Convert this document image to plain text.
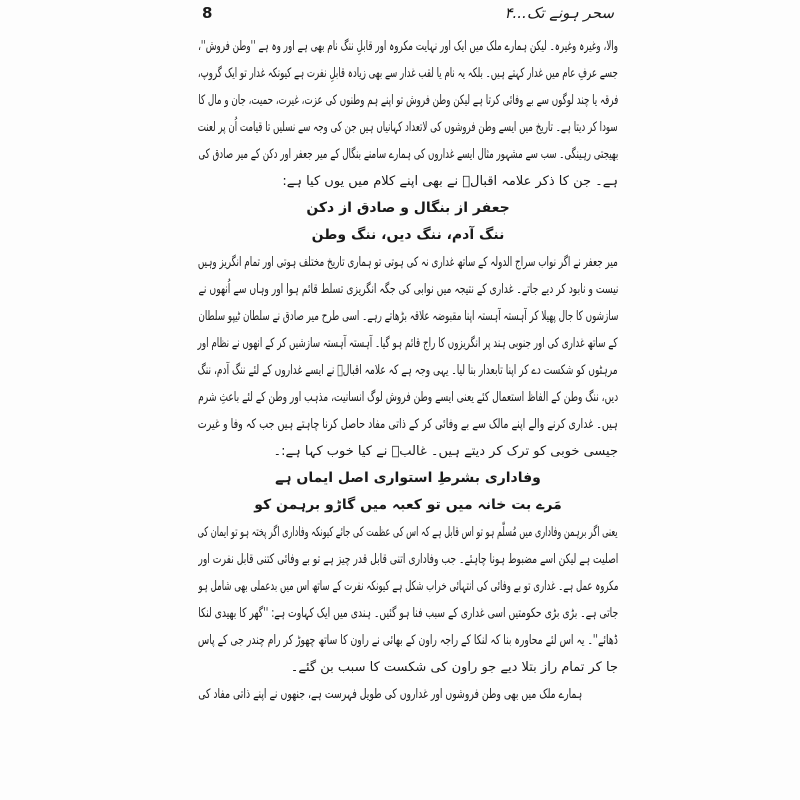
سحر ہونے تک...۴
8
والا، وغیرہ وغیرہ۔ لیکن ہمارے ملک میں ایک اور نہایت مکروہ اور قابلِ ننگ نام بھی ہے اور وہ ہے ''وطن فروش''،
جسے عرفِ عام میں غدار کہتے ہیں۔ بلکہ یہ نام یا لقب غدار سے بھی زیادہ قابلِ نفرت ہے کیونکہ غدار تو ایک گروپ،
فرقہ یا چند لوگوں سے بے وفائی کرتا ہے لیکن وطن فروش تو اپنے ہم وطنوں کی عزت، غیرت، حمیت، جان و مال کا
سودا کر دیتا ہے۔ تاریخ میں ایسے وطن فروشوں کی لاتعداد کہانیاں ہیں جن کی وجہ سے نسلیں تا قیامت اُن پر لعنت
بھیجتی رہینگی۔ سب سے مشہور مثال ایسے غداروں کی ہمارے سامنے بنگال کے میر جعفر اور دکن کے میر صادق کی
ہے۔ جن کا ذکر علامہ اقبالؒ نے بھی اپنے کلام میں یوں کیا ہے:
جعفر از بنگال و صادق از دکن
ننگ آدم، ننگ دیں، ننگ وطن
میر جعفر نے اگر نواب سراج الدولہ کے ساتھ غداری نہ کی ہوتی تو ہماری تاریخ مختلف ہوتی اور تمام انگریز وہیں
نیست و نابود کر دیے جاتے۔ غداری کے نتیجہ میں نوابی کی جگہ انگریزی تسلط قائم ہوا اور وہاں سے اُنھوں نے
سازشوں کا جال پھیلا کر آہستہ آہستہ اپنا مقبوضہ علاقہ بڑھاتے رہے۔ اسی طرح میر صادق نے سلطان ٹیپو سلطان
کے ساتھ غداری کی اور جنوبی ہند پر انگریزوں کا راج قائم ہو گیا۔ آہستہ آہستہ سازشیں کر کے انھوں نے نظام اور
مرہٹوں کو شکست دے کر اپنا تابعدار بنا لیا۔ یہی وجہ ہے کہ علامہ اقبالؒ نے ایسے غداروں کے لئے ننگ آدم، ننگ
دیں، ننگ وطن کے الفاظ استعمال کئے یعنی ایسے وطن فروش لوگ انسانیت، مذہب اور وطن کے لئے باعثِ شرم
ہیں۔ غداری کرنے والے اپنے مالک سے بے وفائی کر کے ذاتی مفاد حاصل کرنا چاہتے ہیں جب کہ وفا و غیرت
جیسی خوبی کو ترک کر دیتے ہیں۔ غالبؔ نے کیا خوب کہا ہے:۔
وفاداری بشرطِ استواری اصل ایماں ہے
مَرے بت خانہ میں تو کعبہ میں گاڑو برہمن کو
یعنی اگر برہمن وفاداری میں مُسلّم ہو تو اس قابل ہے کہ اس کی عظمت کی جائے کیونکہ وفاداری اگر پختہ ہو تو ایمان کی
اصلیت ہے لیکن اسے مضبوط ہونا چاہئے۔ جب وفاداری اتنی قابل قدر چیز ہے تو بے وفائی کتنی قابل نفرت اور
مکروہ عمل ہے۔ غداری تو بے وفائی کی انتہائی خراب شکل ہے کیونکہ نفرت کے ساتھ اس میں بدعملی بھی شامل ہو
جاتی ہے۔ بڑی بڑی حکومتیں اسی غداری کے سبب فنا ہو گئیں۔ ہندی میں ایک کہاوت ہے: ''گھر کا بھیدی لنکا
ڈھائے''۔ یہ اس لئے محاورہ بنا کہ لنکا کے راجہ راون کے بھائی نے راون کا ساتھ چھوڑ کر رام چندر جی کے پاس
جا کر تمام راز بتلا دیے جو راون کی شکست کا سبب بن گئے۔
ہمارے ملک میں بھی وطن فروشوں اور غداروں کی طویل فہرست ہے، جنھوں نے اپنے ذاتی مفاد کی
